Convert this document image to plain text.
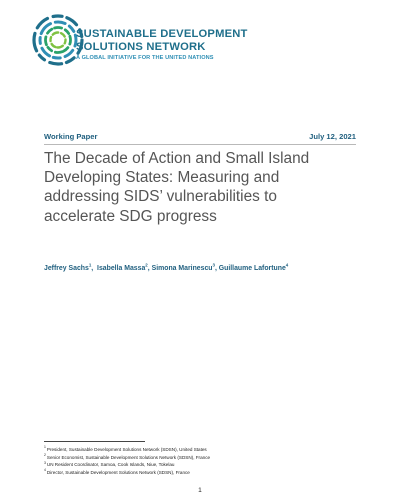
SUSTAINABLE DEVELOPMENT
SOLUTIONS NETWORK
A GLOBAL INITIATIVE FOR THE UNITED NATIONS
Working Paper	July 12, 2021
The Decade of Action and Small Island
Developing States: Measuring and
addressing SIDS’ vulnerabilities to
accelerate SDG progress
Jeffrey Sachs$^1$,  Isabella Massa$^2$, Simona Marinescu$^3$, Guillaume Lafortune$^4$
$^1$President, Sustainable Development Solutions Network (SDSN), United States
$^2$Senior Economist, Sustainable Development Solutions Network (SDSN), France
$^3$UN Resident Coordinator, Samoa, Cook Islands, Niue, Tokelau
$^4$Director, Sustainable Development Solutions Network (SDSN), France
1
